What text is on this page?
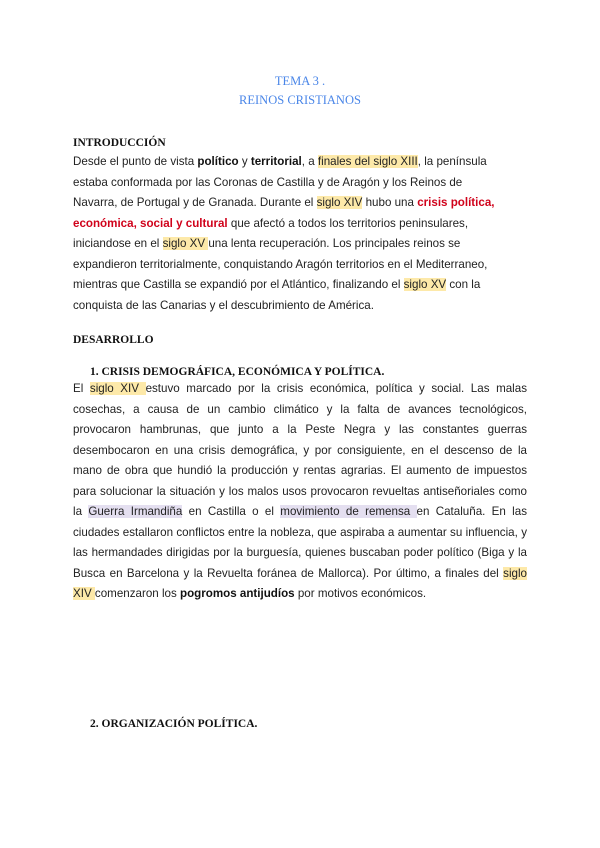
TEMA 3 .
REINOS CRISTIANOS
INTRODUCCIÓN
Desde el punto de vista político y territorial, a finales del siglo XIII, la península
estaba conformada por las Coronas de Castilla y de Aragón y los Reinos de
Navarra, de Portugal y de Granada. Durante el siglo XIV hubo una crisis política,
económica, social y cultural que afectó a todos los territorios peninsulares,
iniciandose en el siglo XV una lenta recuperación. Los principales reinos se
expandieron territorialmente, conquistando Aragón territorios en el Mediterraneo,
mientras que Castilla se expandió por el Atlántico, finalizando el siglo XV con la
conquista de las Canarias y el descubrimiento de América.
DESARROLLO
1. CRISIS DEMOGRÁFICA, ECONÓMICA Y POLÍTICA.

El siglo XIV estuvo marcado por la crisis económica, política y social. Las malas cosechas, a causa de un cambio climático y la falta de avances tecnológicos, provocaron hambrunas, que junto a la Peste Negra y las constantes guerras desembocaron en una crisis demográfica, y por consiguiente, en el descenso de la mano de obra que hundió la producción y rentas agrarias. El aumento de impuestos para solucionar la situación y los malos usos provocaron revueltas antiseñoriales como la Guerra Irmandiña en Castilla o el movimiento de remensa en Cataluña. En las ciudades estallaron conflictos entre la nobleza, que aspiraba a aumentar su influencia, y las hermandades dirigidas por la burguesía, quienes buscaban poder político (Biga y la Busca en Barcelona y la Revuelta foránea de Mallorca). Por último, a finales del siglo XIV comenzaron los pogromos antijudíos por motivos económicos.

2. ORGANIZACIÓN POLÍTICA.
